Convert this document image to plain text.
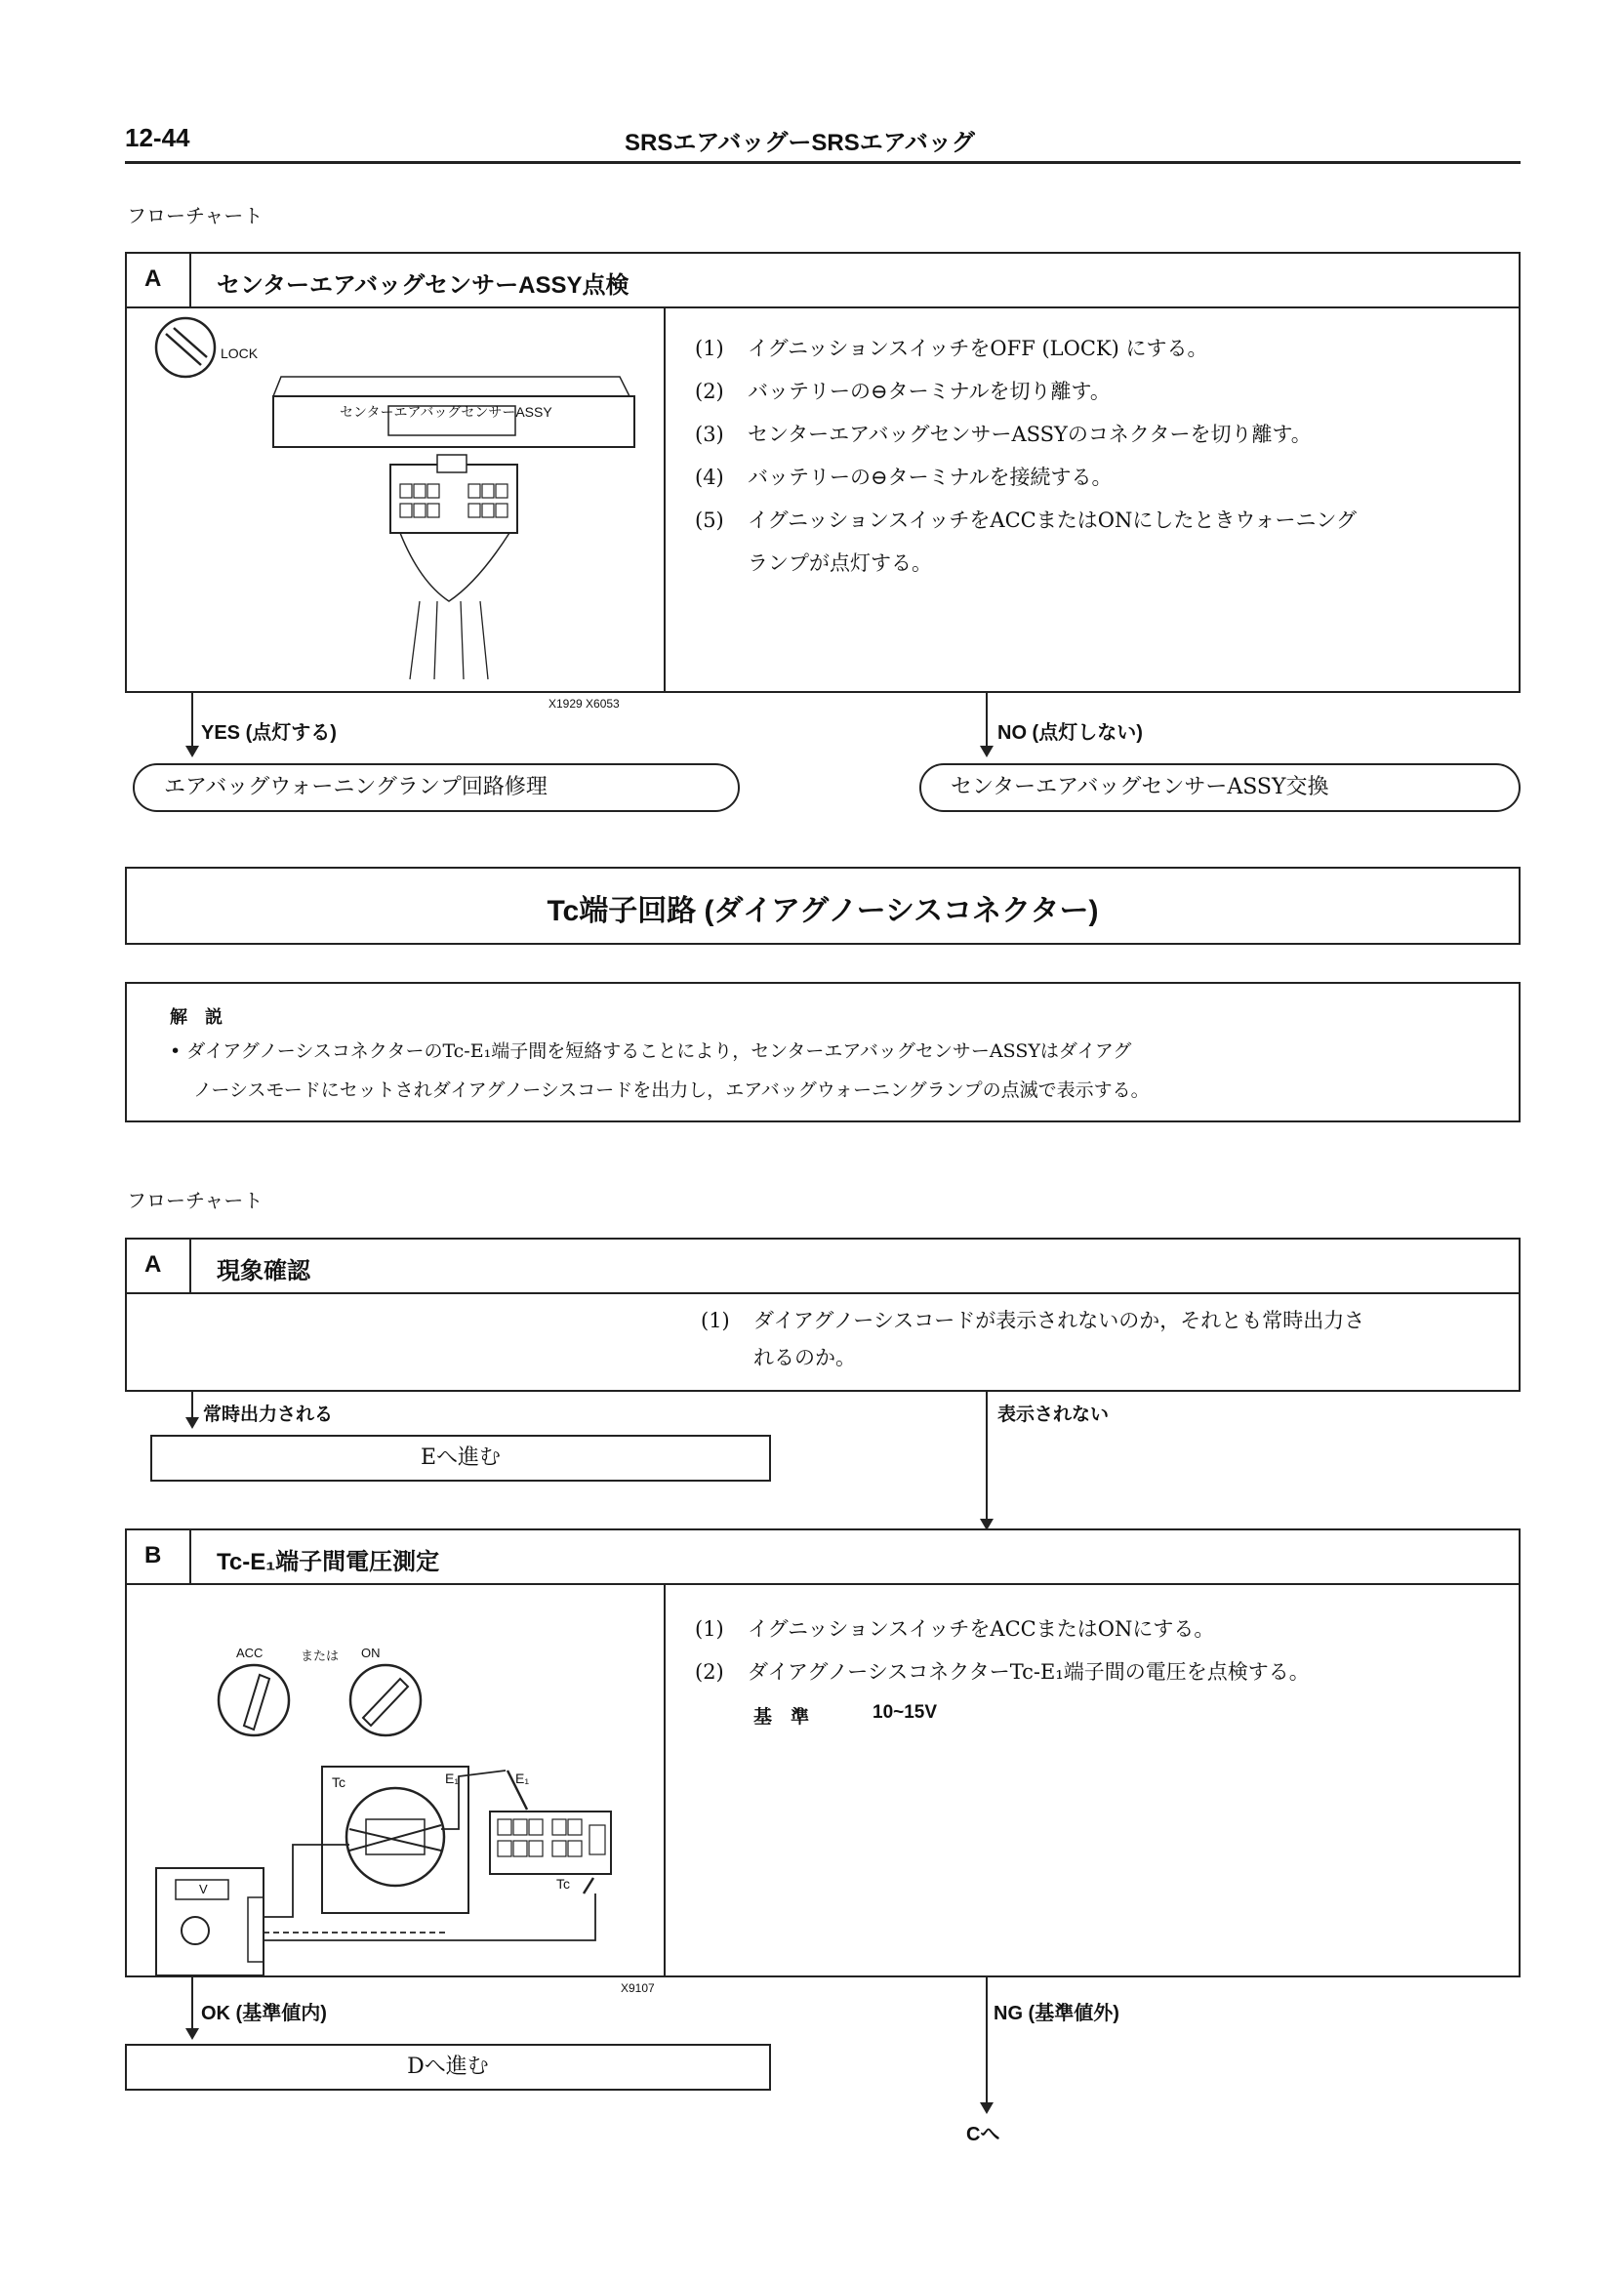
12-44	SRSエアバッグーSRSエアバッグ
フローチャート
A センターエアバッグセンサーASSY点検
LOCK
センターエアバッグセンサーASSY
(1) イグニッションスイッチをOFF (LOCK) にする。
(2) バッテリーの⊖ターミナルを切り離す。
(3) センターエアバッグセンサーASSYのコネクターを切り離す。
(4) バッテリーの⊖ターミナルを接続する。
(5) イグニッションスイッチをACCまたはONにしたときウォーニング
ランプが点灯する。
X1929 X6053
YES (点灯する)	NO (点灯しない)
エアバッグウォーニングランプ回路修理	センターエアバッグセンサーASSY交換
Tc端子回路 (ダイアグノーシスコネクター)
解　説
• ダイアグノーシスコネクターのTc-E₁端子間を短絡することにより，センターエアバッグセンサーASSYはダイアグ
ノーシスモードにセットされダイアグノーシスコードを出力し，エアバッグウォーニングランプの点滅で表示する。
フローチャート
A 現象確認
(1) ダイアグノーシスコードが表示されないのか，それとも常時出力さ
れるのか。
常時出力される
Eへ進む
表示されない
B Tc-E₁端子間電圧測定
ACC	または ON
Tc	E₁	E₁
Tc
V
(1) イグニッションスイッチをACCまたはONにする。
(2) ダイアグノーシスコネクターTc-E₁端子間の電圧を点検する。
基　準	10~15V
X9107
OK (基準値内)
Dへ進む
NG (基準値外)
Cへ
